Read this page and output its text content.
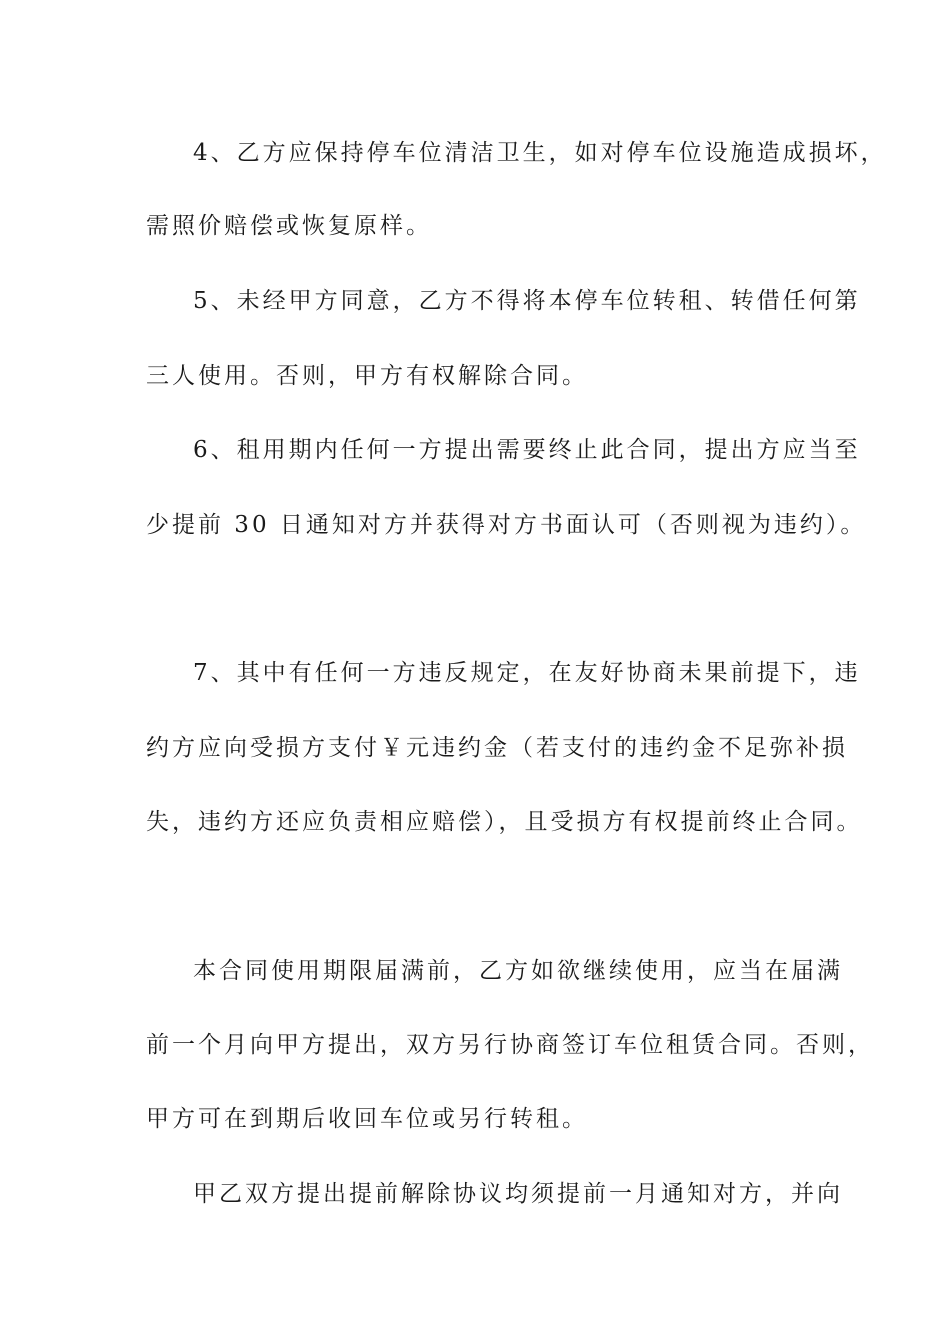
4、乙方应保持停车位清洁卫生，如对停车位设施造成损坏，

需照价赔偿或恢复原样。

5、未经甲方同意，乙方不得将本停车位转租、转借任何第

三人使用。否则，甲方有权解除合同。

6、租用期内任何一方提出需要终止此合同，提出方应当至

少提前 30 日通知对方并获得对方书面认可（否则视为违约）。

7、其中有任何一方违反规定，在友好协商未果前提下，违

约方应向受损方支付￥元违约金（若支付的违约金不足弥补损

失，违约方还应负责相应赔偿），且受损方有权提前终止合同。

本合同使用期限届满前，乙方如欲继续使用，应当在届满

前一个月向甲方提出，双方另行协商签订车位租赁合同。否则，

甲方可在到期后收回车位或另行转租。

甲乙双方提出提前解除协议均须提前一月通知对方，并向
